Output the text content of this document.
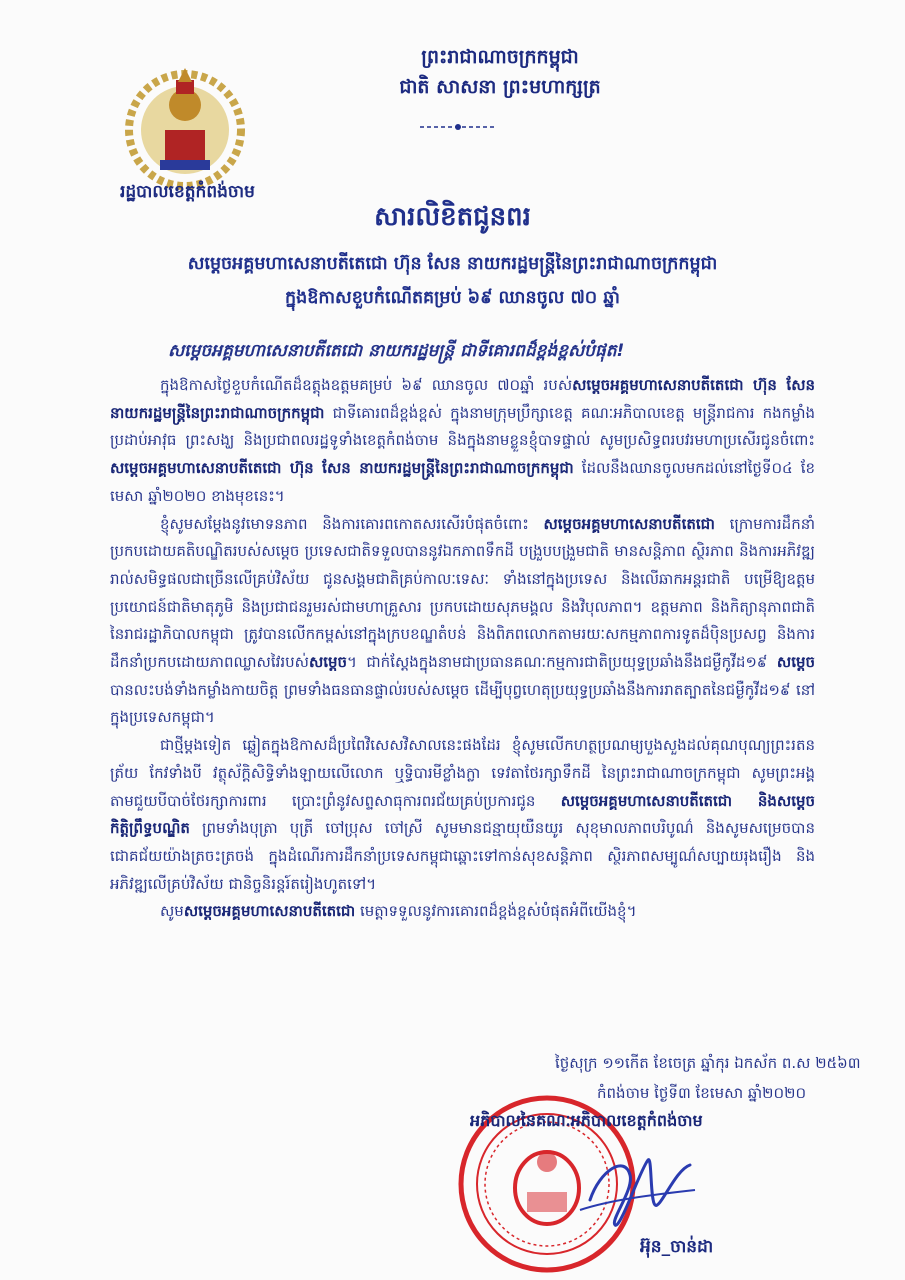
រដ្ឋបាលខេត្តកំពង់ចាម
ព្រះរាជាណាចក្រកម្ពុជា
ជាតិ សាសនា ព្រះមហាក្សត្រ
សារលិខិតជូនពរ
សម្តេចអគ្គមហាសេនាបតីតេជោ ហ៊ុន សែន នាយករដ្ឋមន្ត្រីនៃព្រះរាជាណាចក្រកម្ពុជា
ក្នុងឱកាសខួបកំណើតគម្រប់ ៦៩ ឈានចូល ៧០ ឆ្នាំ
សម្តេចអគ្គមហាសេនាបតីតេជោ នាយករដ្ឋមន្ត្រី ជាទីគោរពដ៏ខ្ពង់ខ្ពស់បំផុត!

ក្នុងឱកាសថ្ងៃខួបកំណើតដ៏ឧត្តុងឧត្តមគម្រប់ ៦៩ ឈានចូល ៧០ឆ្នាំ របស់សម្តេចអគ្គមហាសេនាបតីតេជោ ហ៊ុន សែន នាយករដ្ឋមន្ត្រីនៃព្រះរាជាណាចក្រកម្ពុជា ជាទីគោរពដ៏ខ្ពង់ខ្ពស់ ក្នុងនាមក្រុមប្រឹក្សាខេត្ត គណៈអភិបាលខេត្ត មន្ត្រីរាជការ កងកម្លាំងប្រដាប់អាវុធ ព្រះសង្ឃ និងប្រជាពលរដ្ឋទូទាំងខេត្តកំពង់ចាម និងក្នុងនាមខ្លួនខ្ញុំបាទផ្ទាល់ សូមប្រសិទ្ធពរបវរមហាប្រសើរជូនចំពោះ សម្តេចអគ្គមហាសេនាបតីតេជោ ហ៊ុន សែន នាយករដ្ឋមន្ត្រីនៃព្រះរាជាណាចក្រកម្ពុជា ដែលនឹងឈានចូលមកដល់នៅថ្ងៃទី០៤ ខែមេសា ឆ្នាំ២០២០ ខាងមុខនេះ។

ខ្ញុំសូមសម្តែងនូវមោទនភាព និងការគោរពកោតសរសើរបំផុតចំពោះ សម្តេចអគ្គមហាសេនាបតីតេជោ ក្រោមការដឹកនាំប្រកបដោយគតិបណ្ឌិតរបស់សម្តេច ប្រទេសជាតិទទួលបាននូវឯកភាពទឹកដី បង្រួបបង្រួមជាតិ មានសន្តិភាព ស្ថិរភាព និងការអភិវឌ្ឍរាល់សមិទ្ធផលជាច្រើនលើគ្រប់វិស័យ ជូនសង្គមជាតិគ្រប់កាលៈទេសៈ ទាំងនៅក្នុងប្រទេស និងលើឆាកអន្តរជាតិ បម្រើឱ្យឧត្តមប្រយោជន៍ជាតិមាតុភូមិ និងប្រជាជនរួមរស់ជាមហាគ្រួសារ ប្រកបដោយសុភមង្គល និងវិបុលភាព។ ឧត្តមភាព និងកិត្យានុភាពជាតិ នៃរាជរដ្ឋាភិបាលកម្ពុជា ត្រូវបានលើកកម្ពស់នៅក្នុងក្របខណ្ឌតំបន់ និងពិភពលោកតាមរយៈសកម្មភាពការទូតដ៏ប៉ិនប្រសព្វ និងការដឹកនាំប្រកបដោយភាពឈ្លាសវៃរបស់សម្តេច។ ជាក់ស្តែងក្នុងនាមជាប្រធានគណៈកម្មការជាតិប្រយុទ្ធប្រឆាំងនឹងជម្ងឺកូវីដ១៩ សម្តេច បានលះបង់ទាំងកម្លាំងកាយចិត្ត ព្រមទាំងធនធានផ្ទាល់របស់សម្តេច ដើម្បីបុព្វហេតុប្រយុទ្ធប្រឆាំងនឹងការរាតត្បាតនៃជម្ងឺកូវីដ១៩ នៅក្នុងប្រទេសកម្ពុជា។

ជាថ្មីម្តងទៀត ឆ្លៀតក្នុងឱកាសដ៏ប្រពៃវិសេសវិសាលនេះផងដែរ ខ្ញុំសូមលើកហត្ថប្រណម្យបួងសួងដល់គុណបុណ្យព្រះរតនត្រ័យ កែវទាំងបី វត្ថុស័ក្តិសិទ្ធិទាំងឡាយលើលោក ឬទ្ធិបារមីខ្លាំងក្លា ទេវតាថែរក្សាទឹកដី នៃព្រះរាជាណាចក្រកម្ពុជា សូមព្រះអង្គតាមជួយបីបាច់ថែរក្សាការពារ ប្រោះព្រំនូវសព្ទសាធុការពរជ័យគ្រប់ប្រការជូន សម្តេចអគ្គមហាសេនាបតីតេជោ និងសម្តេចកិត្តិព្រឹទ្ធបណ្ឌិត ព្រមទាំងបុត្រា បុត្រី ចៅប្រុស ចៅស្រី សូមមានជន្មាយុយឺនយូរ សុខុមាលភាពបរិបូណ៌ និងសូមសម្រេចបានជោគជ័យយ៉ាងត្រចះត្រចង់ ក្នុងដំណើរការដឹកនាំប្រទេសកម្ពុជាឆ្ពោះទៅកាន់សុខសន្តិភាព ស្ថិរភាពសម្បូណ៌សប្បាយរុងរឿង និងអភិវឌ្ឍលើគ្រប់វិស័យ ជានិច្ចនិរន្តរ៍តរៀងហូតទៅ។

សូមសម្តេចអគ្គមហាសេនាបតីតេជោ មេត្តាទទួលនូវការគោរពដ៏ខ្ពង់ខ្ពស់បំផុតអំពីយើងខ្ញុំ។

ថ្ងៃសុក្រ ១១កើត ខែចេត្រ ឆ្នាំកុរ ឯកស័ក ព.ស ២៥៦៣
កំពង់ចាម ថ្ងៃទី៣ ខែមេសា ឆ្នាំ២០២០
អភិបាលនៃគណៈអភិបាលខេត្តកំពង់ចាម
អ៊ុន_ចាន់ដា
